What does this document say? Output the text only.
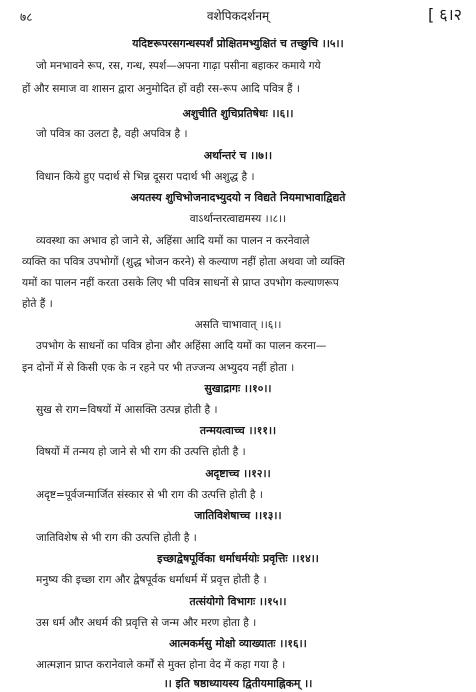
७८	वशेपिकदर्शनम्	[ ६।२
यदिष्टरूपरसगन्धस्पर्शं प्रोक्षितमभ्युक्षितं च तच्छुचि ।।५।।
जो मनभावने रूप, रस, गन्ध, स्पर्श—अपना गाढ़ा पसीना बहाकर कमाये गये
हों और समाज वा शासन द्वारा अनुमोदित हों वही रस-रूप आदि पवित्र हैं ।
अशुचीति शुचिप्रतिषेधः ।।६।।
जो पवित्र का उलटा है, वही अपवित्र है ।
अर्थान्तरं च ।।७।।
विधान किये हुए पदार्थ से भिन्न दूसरा पदार्थ भी अशुद्ध है ।
अयतस्य शुचिभोजनादभ्युदयो न विद्यते नियमाभावाद्विद्यते
वाऽर्थान्तरत्वाद्यमस्य ।।८।।
व्यवस्था का अभाव हो जाने से, अहिंसा आदि यमों का पालन न करनेवाले
व्यक्ति का पवित्र उपभोगों (शुद्ध भोजन करने) से कल्याण नहीं होता अथवा जो व्यक्ति
यमों का पालन नहीं करता उसके लिए भी पवित्र साधनों से प्राप्त उपभोग कल्याणरूप
होते हैं ।
असति चाभावात् ।।६।।
उपभोग के साधनों का पवित्र होना और अहिंसा आदि यमों का पालन करना—
इन दोनों में से किसी एक के न रहने पर भी तज्जन्य अभ्युदय नहीं होता ।
सुखाद्रागः ।।१०।।
सुख से राग=विषयों में आसक्ति उत्पन्न होती है ।
तन्मयत्वाच्च ।।११।।
विषयों में तन्मय हो जाने से भी राग की उत्पत्ति होती है ।
अदृष्टाच्च ।।१२।।
अदृष्ट=पूर्वजन्मार्जित संस्कार से भी राग की उत्पत्ति होती है ।
जातिविशेषाच्च ।।१३।।
जातिविशेष से भी राग की उत्पत्ति होती है ।
इच्छाद्वेषपूर्विका धर्माधर्मयोः प्रवृत्तिः ।।१४।।
मनुष्य की इच्छा राग और द्वेषपूर्वक धर्माधर्म में प्रवृत्त होती है ।
तत्संयोगो विभागः ।।१५।।
उस धर्म और अधर्म की प्रवृत्ति से जन्म और मरण होता है ।
आत्मकर्मसु मोक्षो व्याख्यातः ।।१६।।
आत्मज्ञान प्राप्त करानेवाले कर्मों से मुक्त होना वेद में कहा गया है ।
।। इति षष्ठाध्यायस्य द्वितीयमाह्निकम् ।।
